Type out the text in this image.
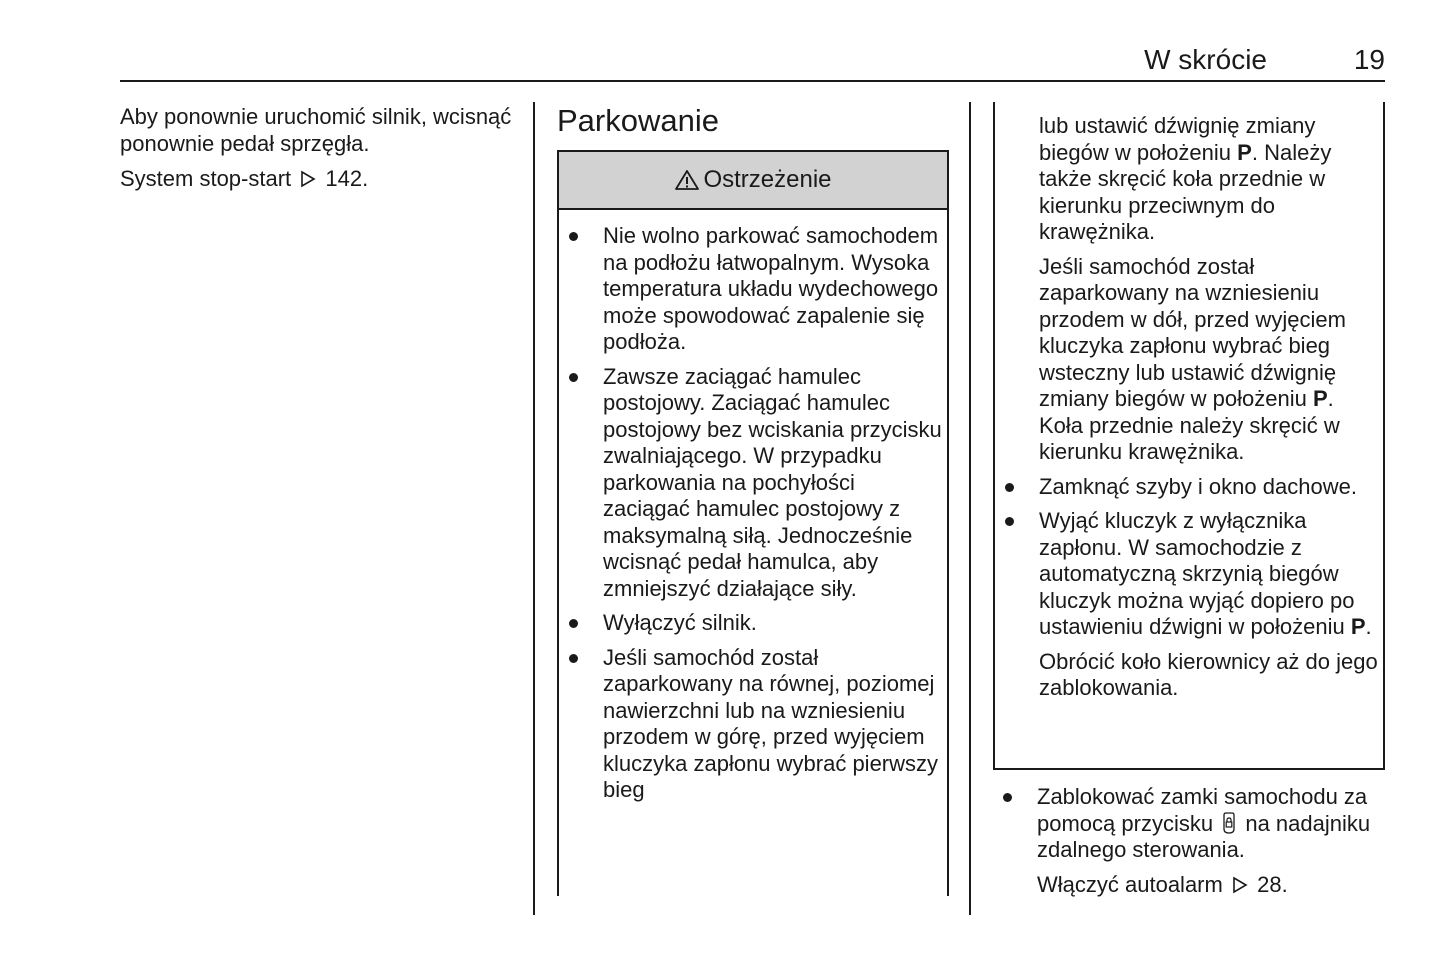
W skrócie	19

Aby ponownie uruchomić silnik, wcisnąć ponownie pedał sprzęgła.

System stop-start 142.

Parkowanie
Ostrzeżenie
Nie wolno parkować samochodem na podłożu łatwopalnym. Wysoka temperatura układu wydechowego może spowodować zapalenie się podłoża.
Zawsze zaciągać hamulec postojowy. Zaciągać hamulec postojowy bez wciskania przycisku zwalniającego. W przypadku parkowania na pochyłości zaciągać hamulec postojowy z maksymalną siłą. Jednocześnie wcisnąć pedał hamulca, aby zmniejszyć działające siły.
Wyłączyć silnik.
Jeśli samochód został zaparkowany na równej, poziomej nawierzchni lub na wzniesieniu przodem w górę, przed wyjęciem kluczyka zapłonu wybrać pierwszy bieg

lub ustawić dźwignię zmiany biegów w położeniu P. Należy także skręcić koła przednie w kierunku przeciwnym do krawężnika.

Jeśli samochód został zaparkowany na wzniesieniu przodem w dół, przed wyjęciem kluczyka zapłonu wybrać bieg wsteczny lub ustawić dźwignię zmiany biegów w położeniu P. Koła przednie należy skręcić w kierunku krawężnika.

Zamknąć szyby i okno dachowe.
Wyjąć kluczyk z wyłącznika zapłonu. W samochodzie z automatyczną skrzynią biegów kluczyk można wyjąć dopiero po ustawieniu dźwigni w położeniu P.

Obrócić koło kierownicy aż do jego zablokowania.

Zablokować zamki samochodu za pomocą przycisku na nadajniku zdalnego sterowania.

Włączyć autoalarm 28.
